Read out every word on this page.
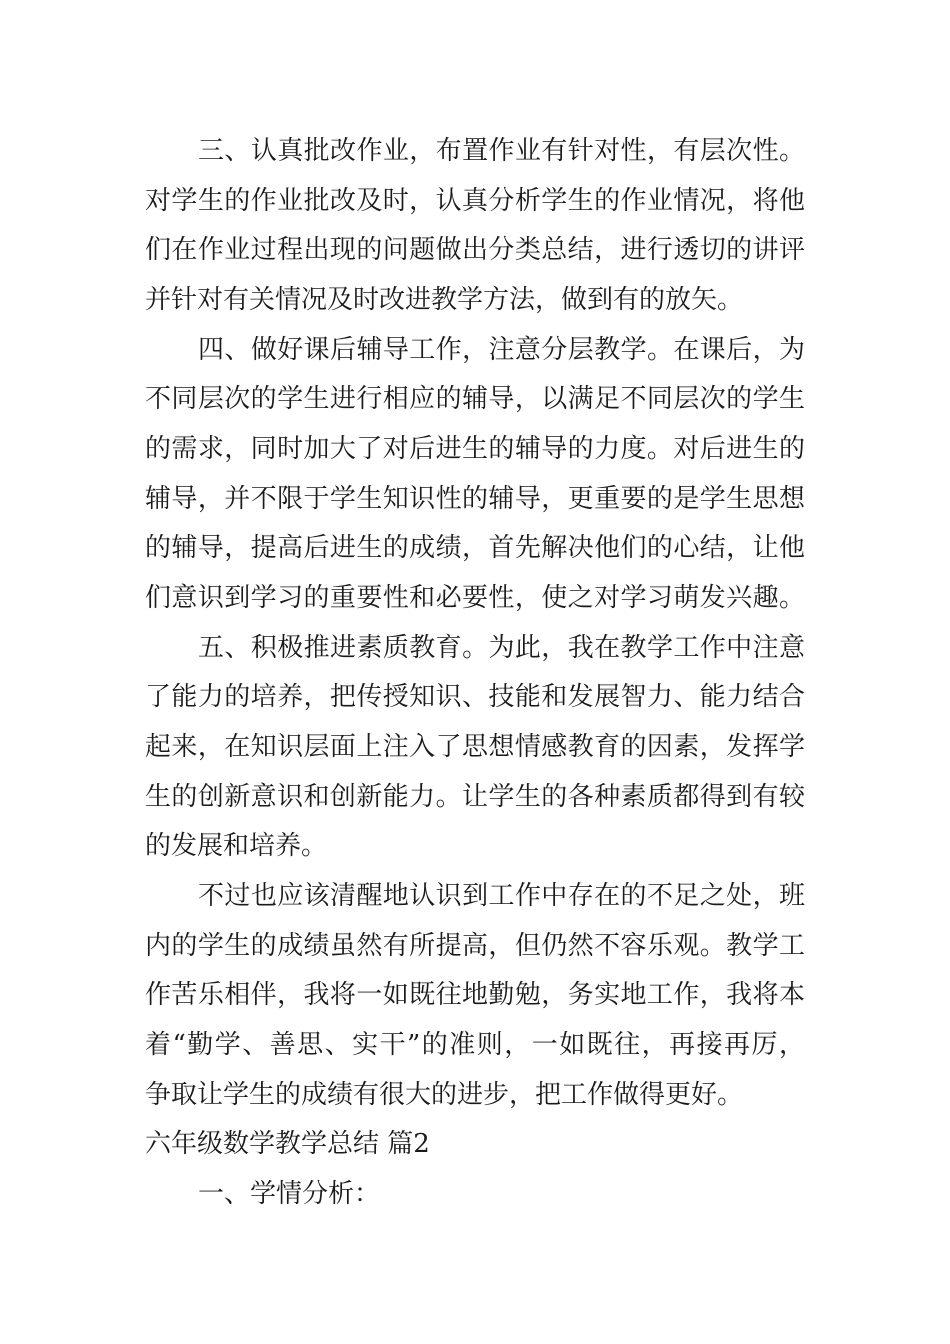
三、认真批改作业，布置作业有针对性，有层次性。
对学生的作业批改及时，认真分析学生的作业情况，将他
们在作业过程出现的问题做出分类总结，进行透切的讲评
并针对有关情况及时改进教学方法，做到有的放矢。
四、做好课后辅导工作，注意分层教学。在课后，为
不同层次的学生进行相应的辅导，以满足不同层次的学生
的需求，同时加大了对后进生的辅导的力度。对后进生的
辅导，并不限于学生知识性的辅导，更重要的是学生思想
的辅导，提高后进生的成绩，首先解决他们的心结，让他
们意识到学习的重要性和必要性，使之对学习萌发兴趣。
五、积极推进素质教育。为此，我在教学工作中注意
了能力的培养，把传授知识、技能和发展智力、能力结合
起来，在知识层面上注入了思想情感教育的因素，发挥学
生的创新意识和创新能力。让学生的各种素质都得到有较
的发展和培养。
不过也应该清醒地认识到工作中存在的不足之处，班
内的学生的成绩虽然有所提高，但仍然不容乐观。教学工
作苦乐相伴，我将一如既往地勤勉，务实地工作，我将本
着“勤学、善思、实干”的准则，一如既往，再接再厉，
争取让学生的成绩有很大的进步，把工作做得更好。
六年级数学教学总结 篇2
一、学情分析：
